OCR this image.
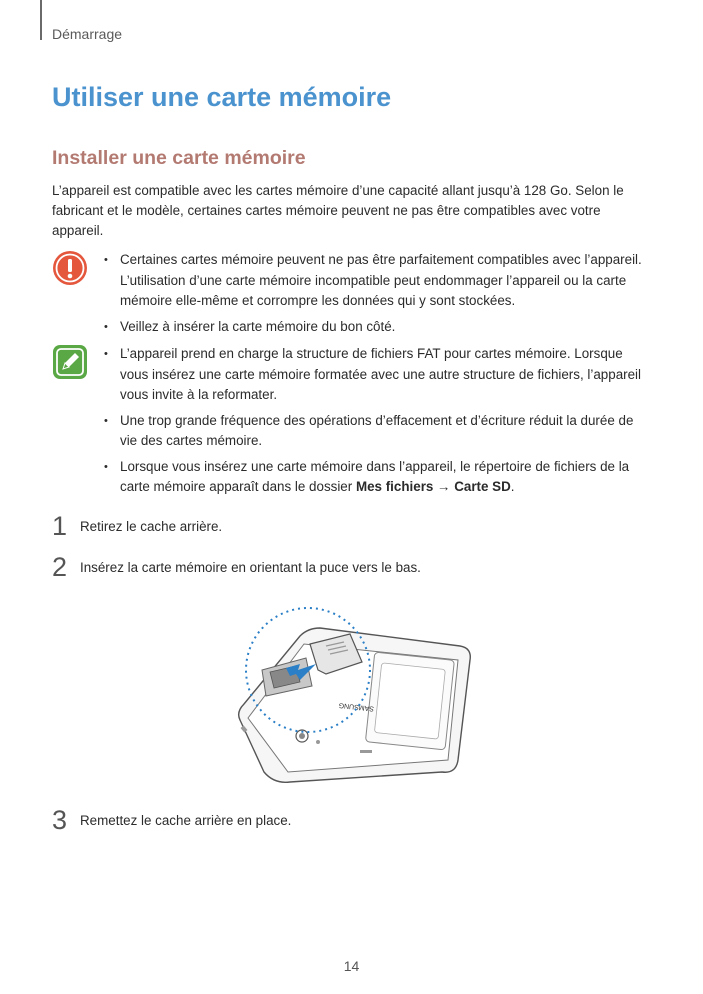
Démarrage
Utiliser une carte mémoire
Installer une carte mémoire

L’appareil est compatible avec les cartes mémoire d’une capacité allant jusqu’à 128 Go. Selon le fabricant et le modèle, certaines cartes mémoire peuvent ne pas être compatibles avec votre appareil.

• Certaines cartes mémoire peuvent ne pas être parfaitement compatibles avec l’appareil. L’utilisation d’une carte mémoire incompatible peut endommager l’appareil ou la carte mémoire elle-même et corrompre les données qui y sont stockées.
• Veillez à insérer la carte mémoire du bon côté.
• L’appareil prend en charge la structure de fichiers FAT pour cartes mémoire. Lorsque vous insérez une carte mémoire formatée avec une autre structure de fichiers, l’appareil vous invite à la reformater.
• Une trop grande fréquence des opérations d’effacement et d’écriture réduit la durée de vie des cartes mémoire.
• Lorsque vous insérez une carte mémoire dans l’appareil, le répertoire de fichiers de la carte mémoire apparaît dans le dossier Mes fichiers → Carte SD.
1 Retirez le cache arrière.
2 Insérez la carte mémoire en orientant la puce vers le bas.
SAMSUNG
3 Remettez le cache arrière en place.
14
